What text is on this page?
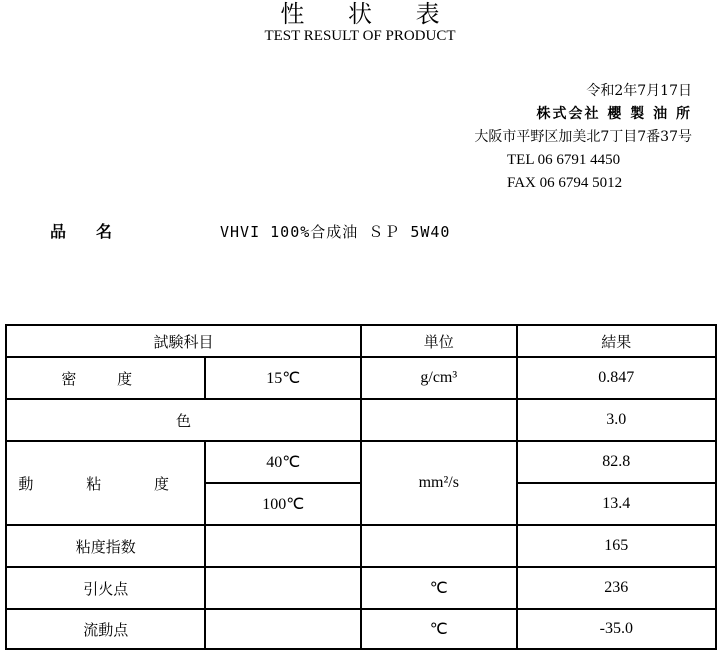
性 状 表
TEST RESULT OF PRODUCT
令和2年7月17日
株式会社 櫻 製 油 所
大阪市平野区加美北7丁目7番37号
TEL 06 6791 4450
FAX 06 6794 5012
品名	VHVI 100%合成油 ＳＰ 5W40
試験科目		単位	結果
密 度	15℃	g/cm³	0.847
色			3.0
動 粘 度	40℃	mm²/s	82.8
	100℃		13.4
粘度指数			165
引火点		℃	236
流動点		℃	-35.0
